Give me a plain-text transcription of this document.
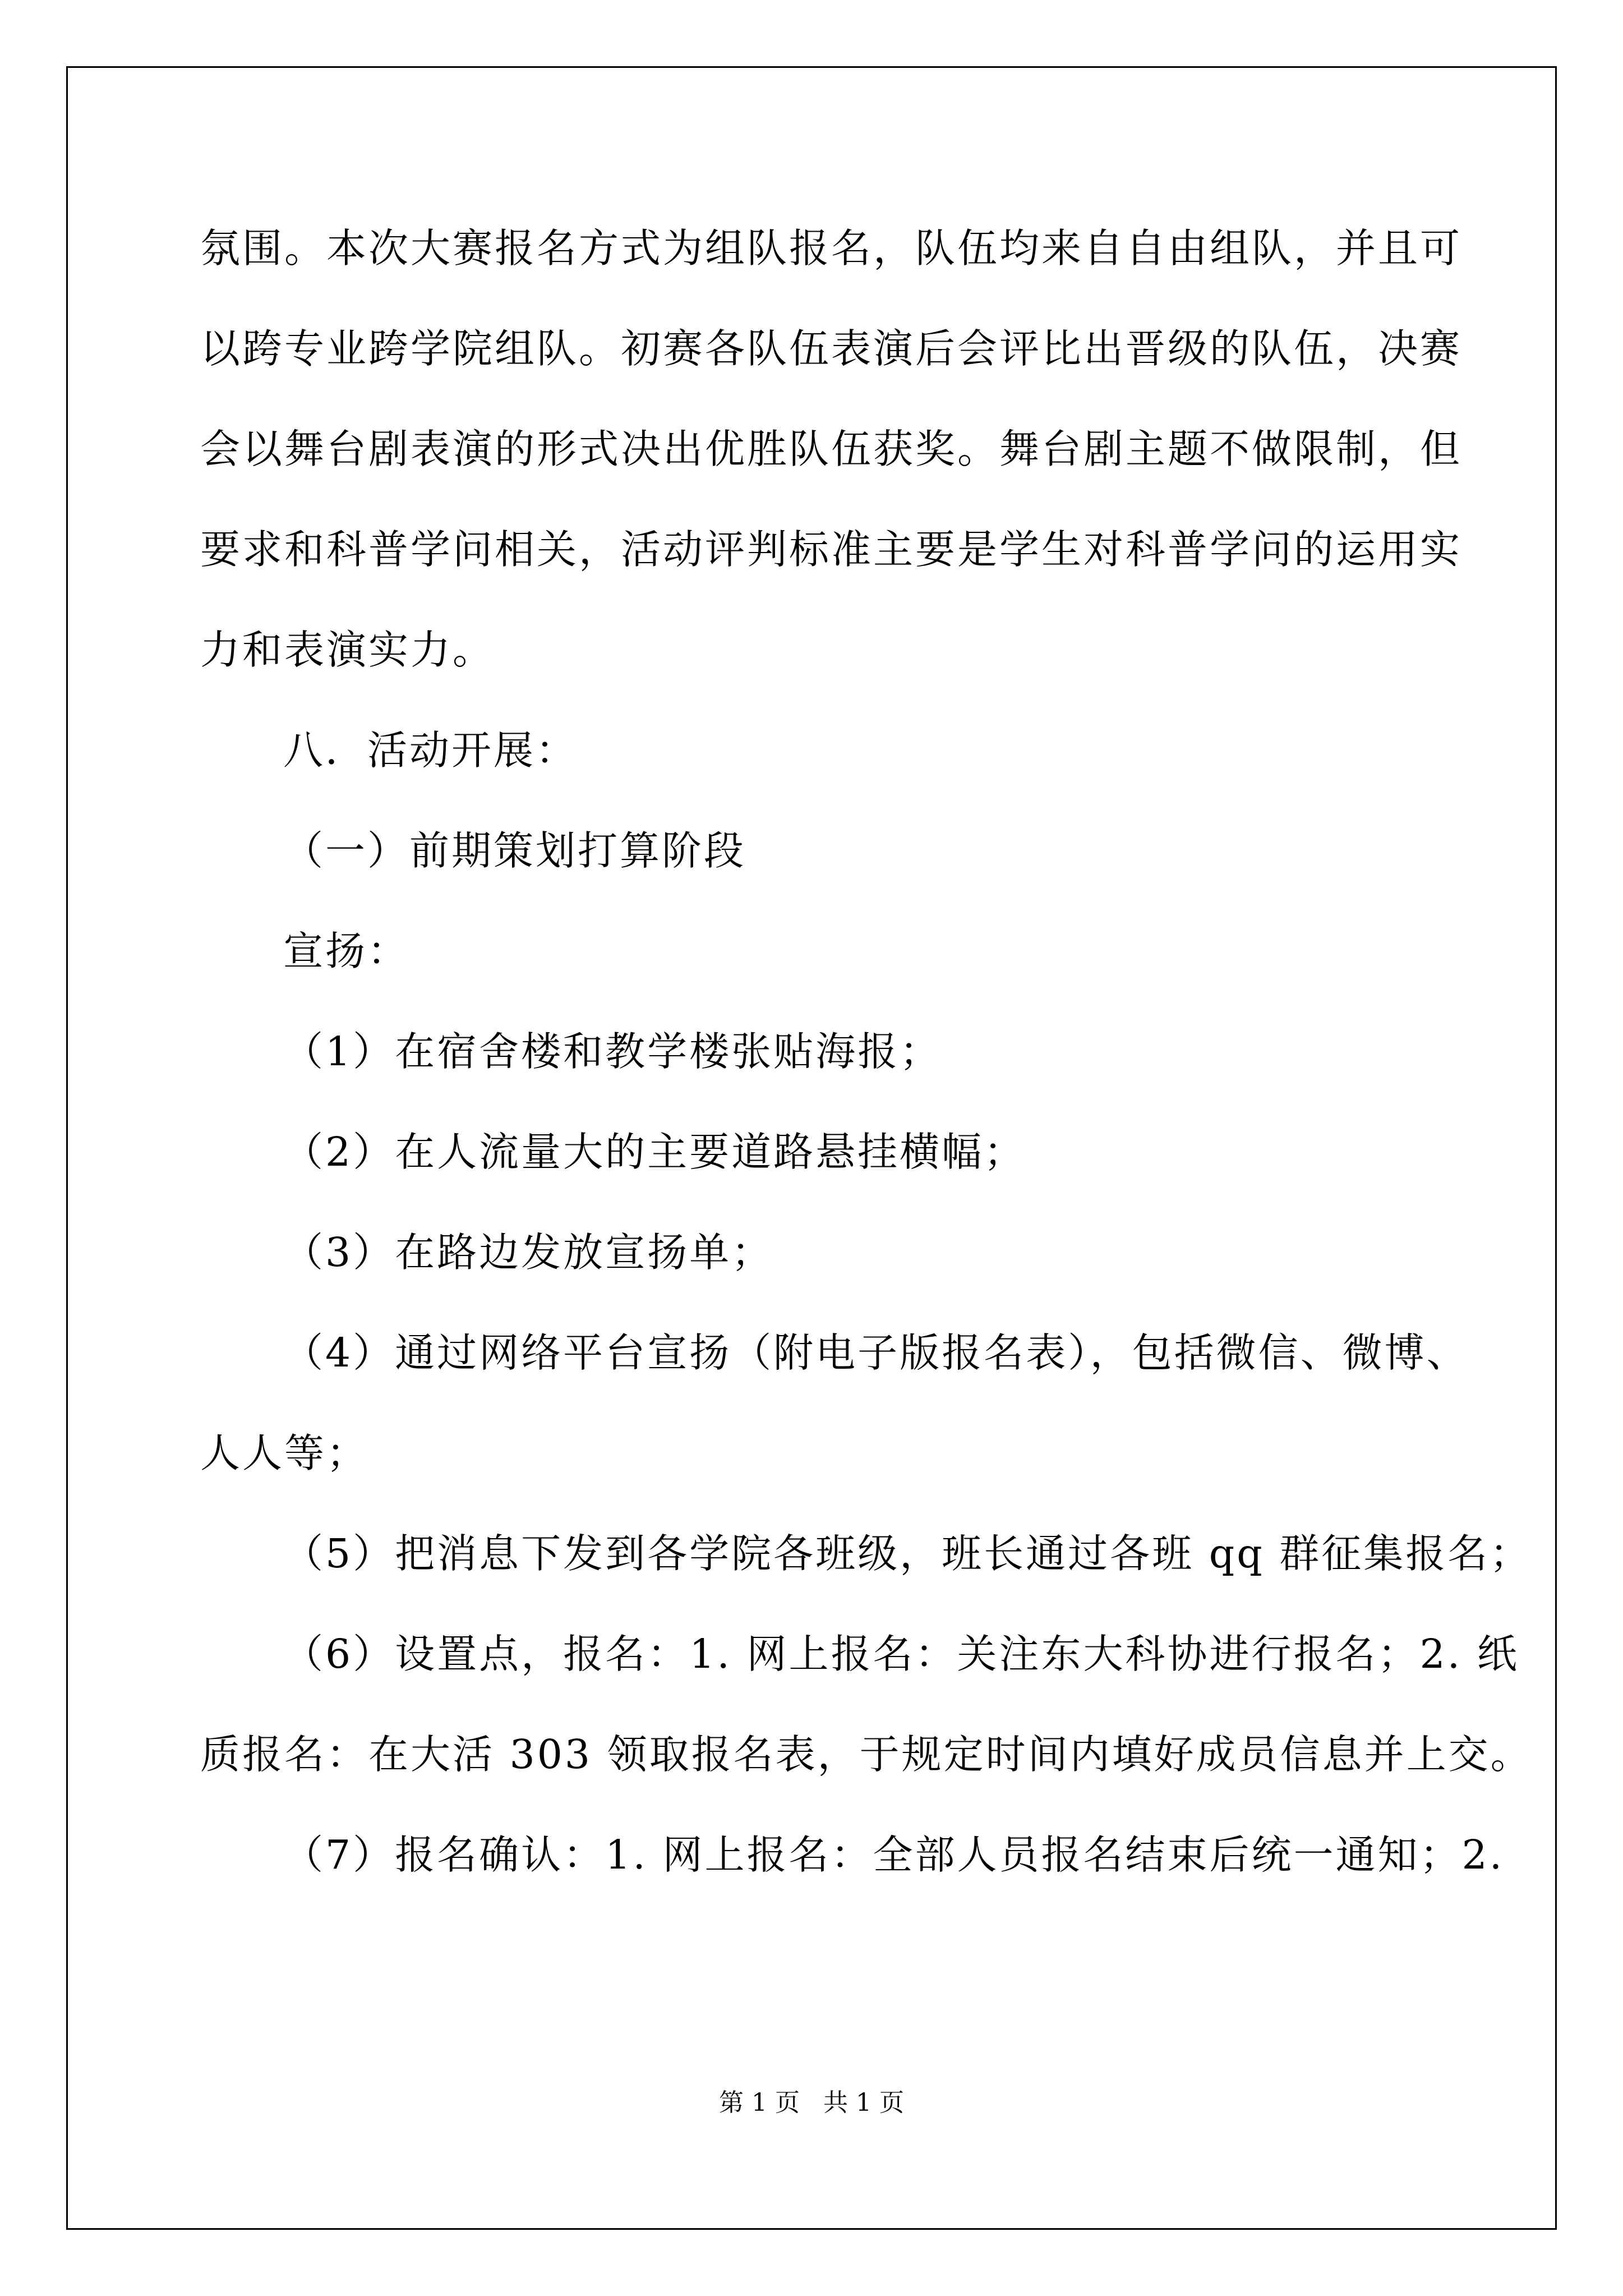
氛围。本次大赛报名方式为组队报名，队伍均来自自由组队，并且可

以跨专业跨学院组队。初赛各队伍表演后会评比出晋级的队伍，决赛

会以舞台剧表演的形式决出优胜队伍获奖。舞台剧主题不做限制，但

要求和科普学问相关，活动评判标准主要是学生对科普学问的运用实

力和表演实力。

八．活动开展：

（一）前期策划打算阶段

宣扬：

（1）在宿舍楼和教学楼张贴海报；

（2）在人流量大的主要道路悬挂横幅；

（3）在路边发放宣扬单；

（4）通过网络平台宣扬（附电子版报名表），包括微信、微博、

人人等；

（5）把消息下发到各学院各班级，班长通过各班 qq 群征集报名；

（6）设置点，报名：1. 网上报名：关注东大科协进行报名；2. 纸

质报名：在大活 303 领取报名表，于规定时间内填好成员信息并上交。

（7）报名确认：1. 网上报名：全部人员报名结束后统一通知；2.

第 1 页   共 1 页
